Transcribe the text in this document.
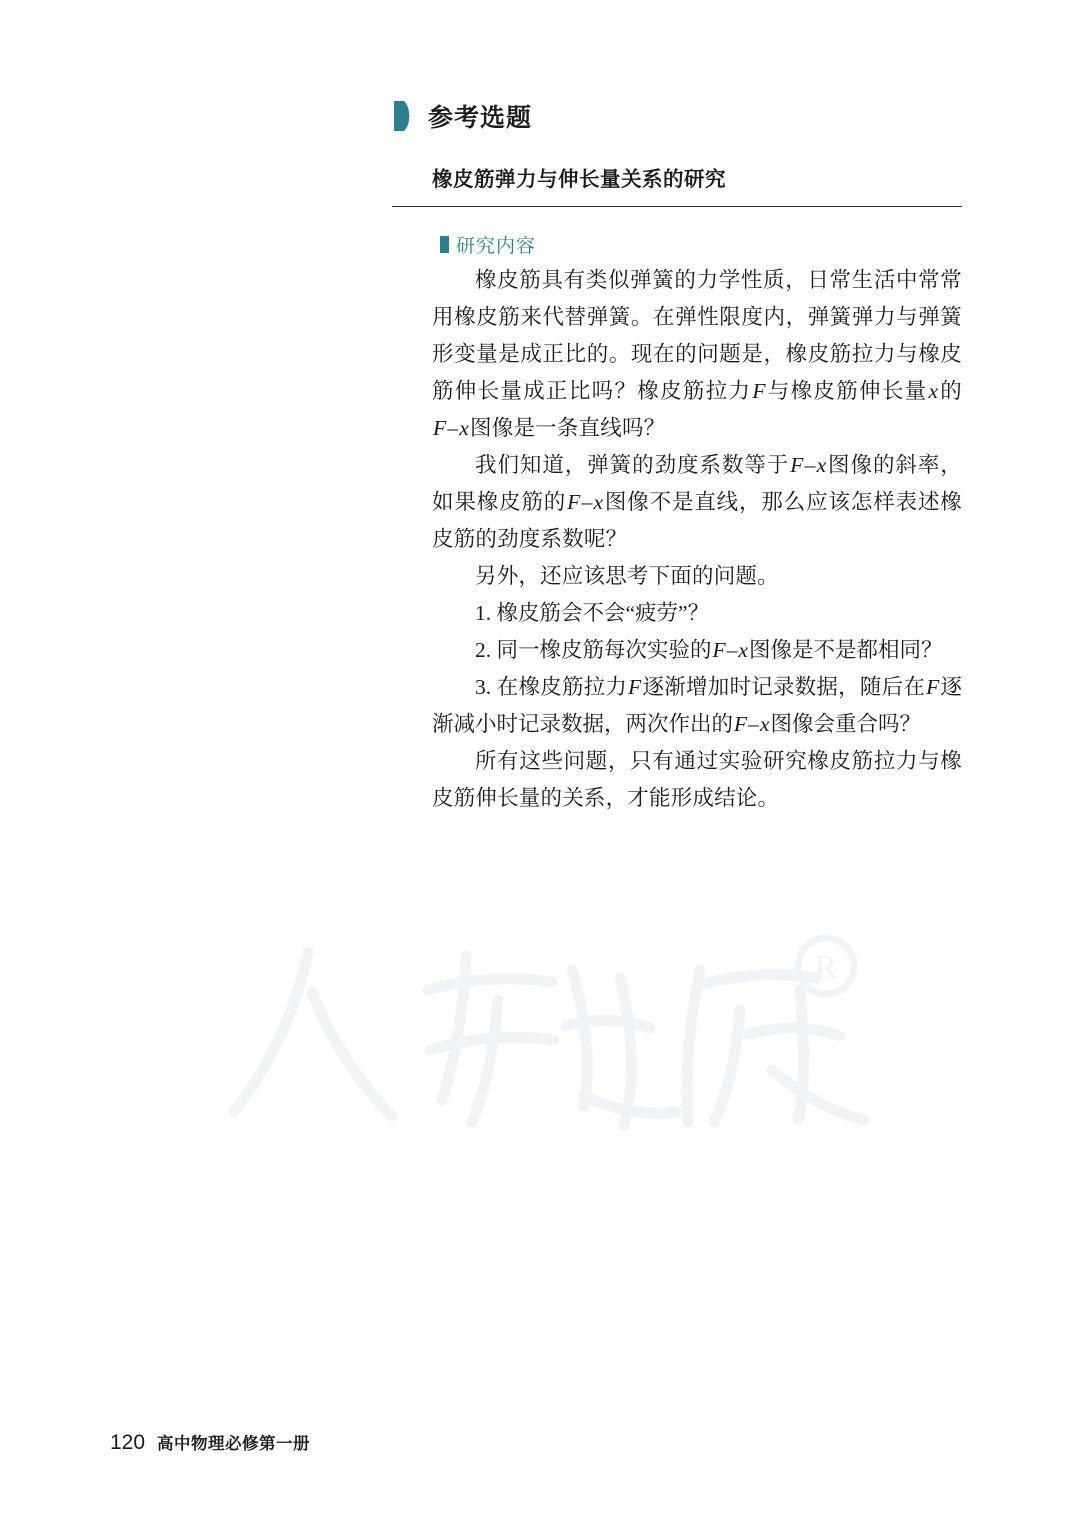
R
参考选题
橡皮筋弹力与伸长量关系的研究
研究内容

橡皮筋具有类似弹簧的力学性质，日常生活中常常用橡皮筋来代替弹簧。在弹性限度内，弹簧弹力与弹簧形变量是成正比的。现在的问题是，橡皮筋拉力与橡皮筋伸长量成正比吗？橡皮筋拉力F与橡皮筋伸长量x的F–x图像是一条直线吗？

我们知道，弹簧的劲度系数等于F–x图像的斜率，如果橡皮筋的F–x图像不是直线，那么应该怎样表述橡皮筋的劲度系数呢？

另外，还应该思考下面的问题。

1. 橡皮筋会不会“疲劳”？

2. 同一橡皮筋每次实验的F–x图像是不是都相同？

3. 在橡皮筋拉力F逐渐增加时记录数据，随后在F逐渐减小时记录数据，两次作出的F–x图像会重合吗？

所有这些问题，只有通过实验研究橡皮筋拉力与橡皮筋伸长量的关系，才能形成结论。

120 高中物理必修第一册
